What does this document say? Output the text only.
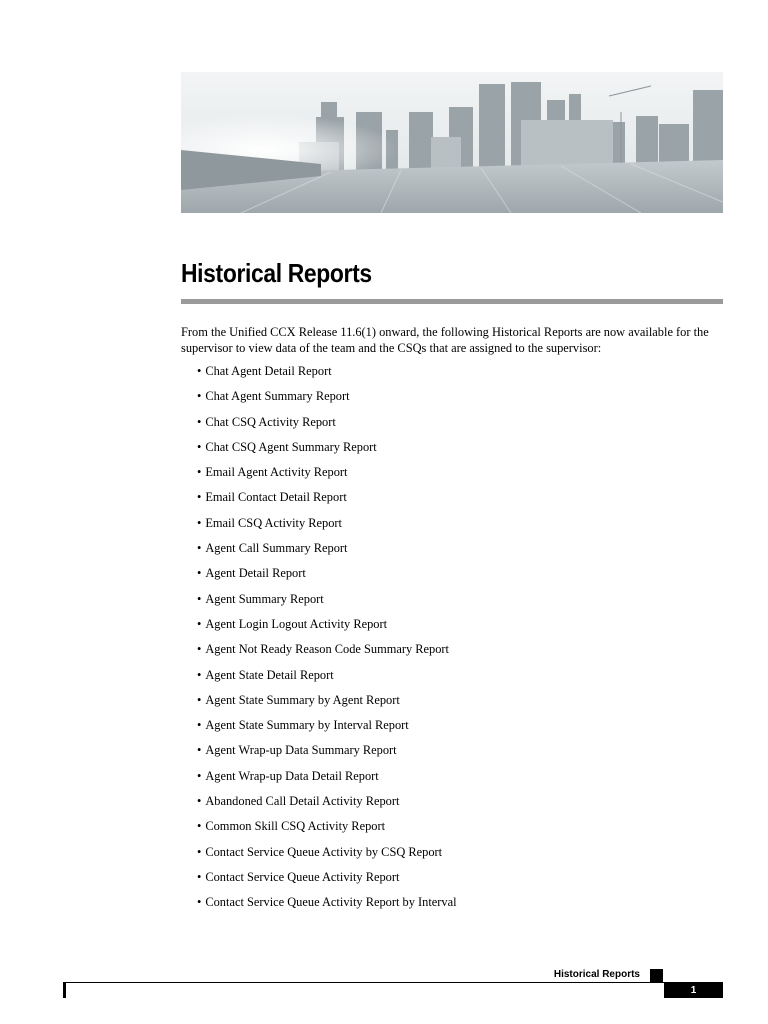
Historical Reports

From the Unified CCX Release 11.6(1) onward, the following Historical Reports are now available for the supervisor to view data of the team and the CSQs that are assigned to the supervisor:

• Chat Agent Detail Report
• Chat Agent Summary Report
• Chat CSQ Activity Report
• Chat CSQ Agent Summary Report
• Email Agent Activity Report
• Email Contact Detail Report
• Email CSQ Activity Report
• Agent Call Summary Report
• Agent Detail Report
• Agent Summary Report
• Agent Login Logout Activity Report
• Agent Not Ready Reason Code Summary Report
• Agent State Detail Report
• Agent State Summary by Agent Report
• Agent State Summary by Interval Report
• Agent Wrap-up Data Summary Report
• Agent Wrap-up Data Detail Report
• Abandoned Call Detail Activity Report
• Common Skill CSQ Activity Report
• Contact Service Queue Activity by CSQ Report
• Contact Service Queue Activity Report
• Contact Service Queue Activity Report by Interval
Historical Reports
1
